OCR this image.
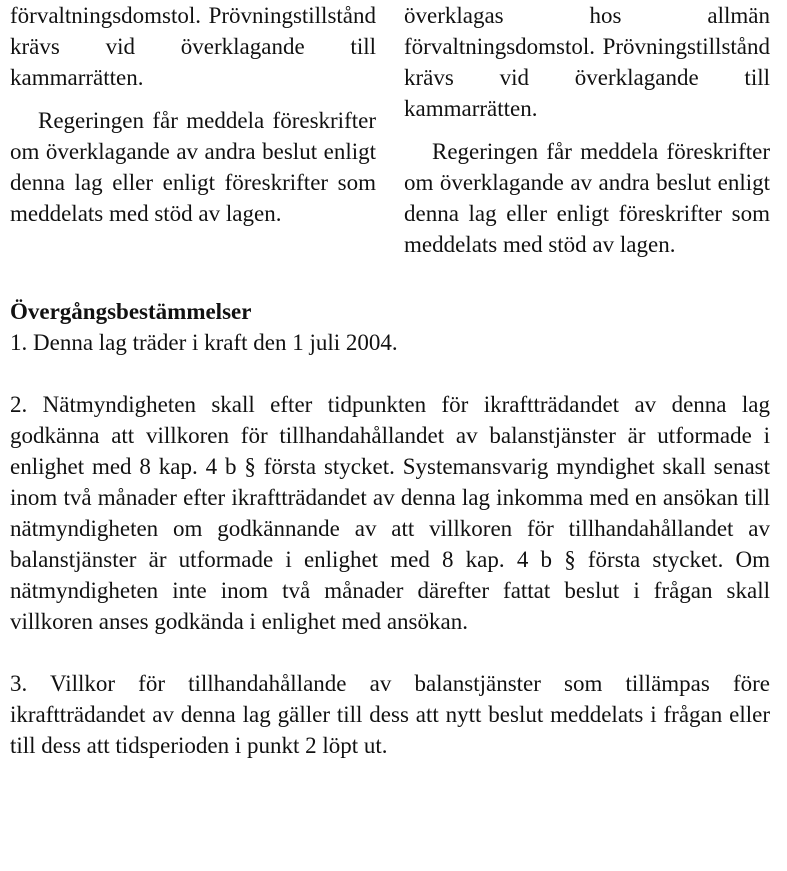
förvaltningsdomstol. Prövningstillstånd krävs vid överklagande till kammarrätten.

Regeringen får meddela föreskrifter om överklagande av andra beslut enligt denna lag eller enligt föreskrifter som meddelats med stöd av lagen.

överklagas hos allmän förvaltningsdomstol. Prövningstillstånd krävs vid överklagande till kammarrätten.

Regeringen får meddela föreskrifter om överklagande av andra beslut enligt denna lag eller enligt föreskrifter som meddelats med stöd av lagen.

Övergångsbestämmelser

1. Denna lag träder i kraft den 1 juli 2004.

2. Nätmyndigheten skall efter tidpunkten för ikraftträdandet av denna lag godkänna att villkoren för tillhandahållandet av balanstjänster är utformade i enlighet med 8 kap. 4 b § första stycket. Systemansvarig myndighet skall senast inom två månader efter ikraftträdandet av denna lag inkomma med en ansökan till nätmyndigheten om godkännande av att villkoren för tillhandahållandet av balanstjänster är utformade i enlighet med 8 kap. 4 b § första stycket. Om nätmyndigheten inte inom två månader därefter fattat beslut i frågan skall villkoren anses godkända i enlighet med ansökan.

3. Villkor för tillhandahållande av balanstjänster som tillämpas före ikraftträdandet av denna lag gäller till dess att nytt beslut meddelats i frågan eller till dess att tidsperioden i punkt 2 löpt ut.
